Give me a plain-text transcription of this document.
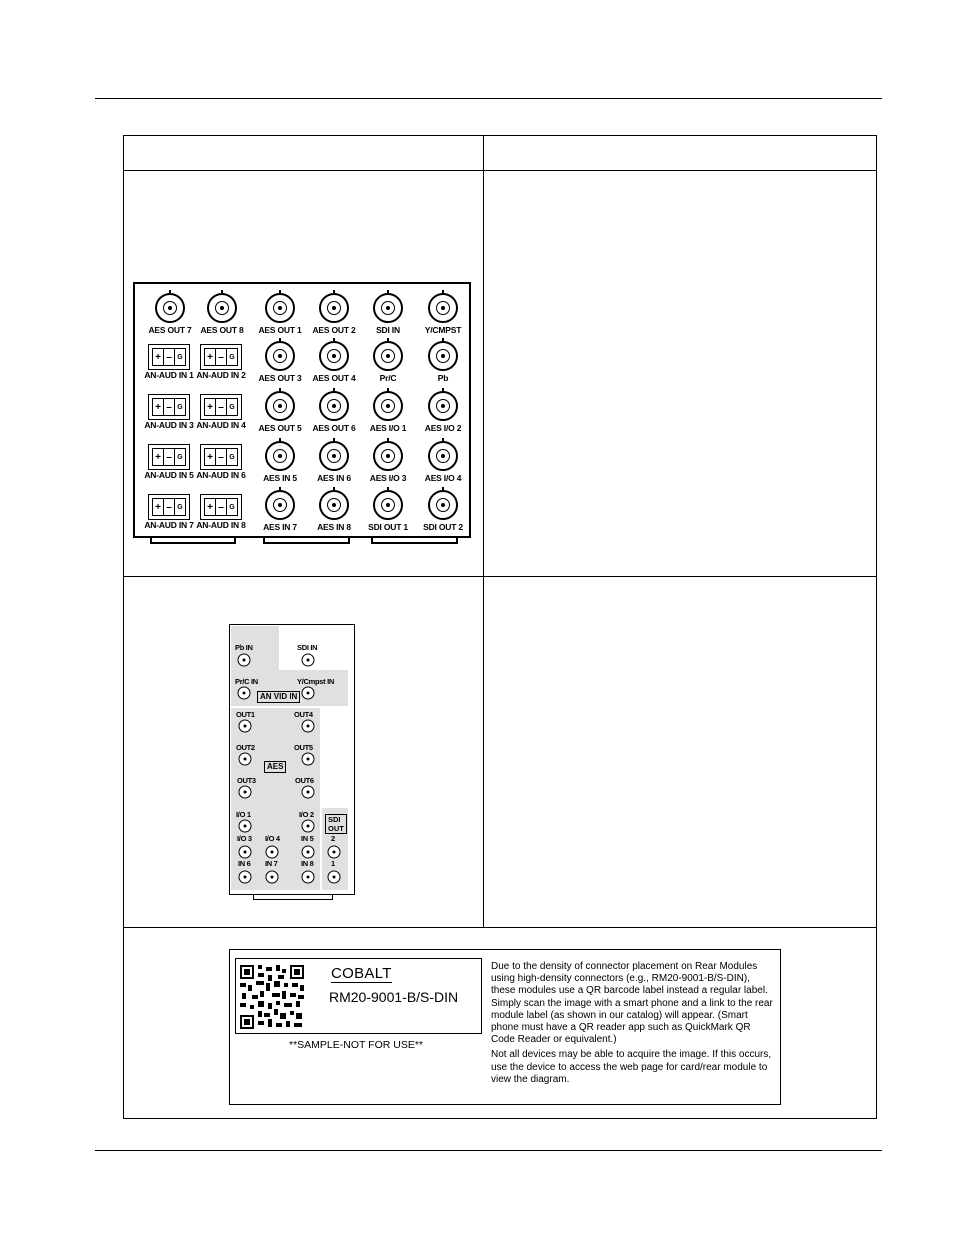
AES OUT 7 AES OUT 8 AES OUT 1 AES OUT 2 SDI IN	Y/CMPST
AES OUT 3 AES OUT 4	Pr/C	Pb
AES OUT 5 AES OUT 6 AES I/O 1 AES I/O 2
AES IN 5 AES IN 6 AES I/O 3 AES I/O 4
AES IN 7 AES IN 8 SDI OUT 1 SDI OUT 2
+ – G
AN-AUD IN 1
+ – G
AN-AUD IN 2
+ – G
AN-AUD IN 3
+ – G
AN-AUD IN 4
+ – G
AN-AUD IN 5
+ – G
AN-AUD IN 6
+ – G
AN-AUD IN 7
+ – G
AN-AUD IN 8
Pb IN	SDI IN
Pr/C IN	Y/Cmpst IN
OUT1	OUT4
OUT2	OUT5
OUT3	OUT6
I/O 1	I/O 2
I/O 3 I/O 4	IN 5
IN 6 IN 7	IN 8
2
1
AN VID IN
AES
SDI
OUT
COBALT
RM20-9001-B/S-DIN
**SAMPLE-NOT FOR USE**

Due to the density of connector placement on Rear Modules using high-density connectors (e.g., RM20-9001-B/S-DIN), these modules use a QR barcode label instead a regular label. Simply scan the image with a smart phone and a link to the rear module label (as shown in our catalog) will appear. (Smart phone must have a QR reader app such as QuickMark QR Code Reader or equivalent.)

Not all devices may be able to acquire the image. If this occurs, use the device to access the web page for card/rear module to view the diagram.
